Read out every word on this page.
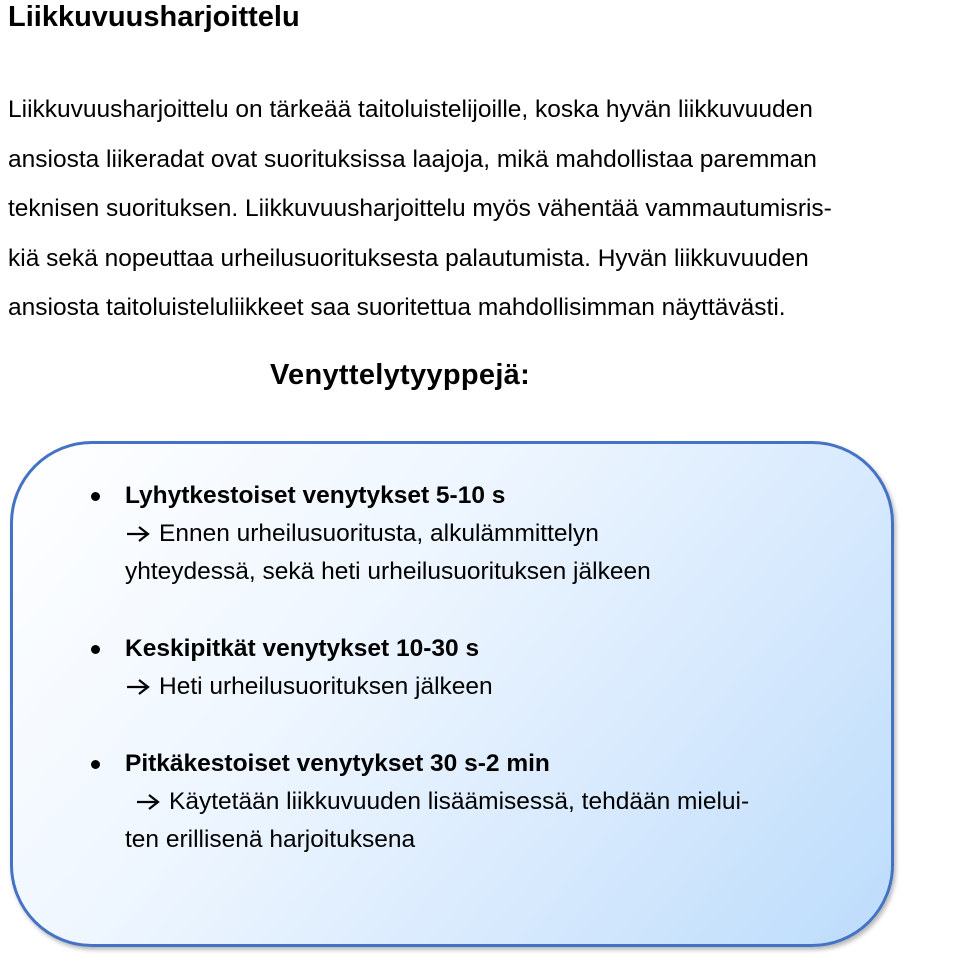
Liikkuvuusharjoittelu
Liikkuvuusharjoittelu on tärkeää taitoluistelijoille, koska hyvän liikkuvuuden
ansiosta liikeradat ovat suorituksissa laajoja, mikä mahdollistaa paremman
teknisen suorituksen. Liikkuvuusharjoittelu myös vähentää vammautumisris-
kiä sekä nopeuttaa urheilusuorituksesta palautumista. Hyvän liikkuvuuden
ansiosta taitoluisteluliikkeet saa suoritettua mahdollisimman näyttävästi.
Venyttelytyyppejä:
Lyhytkestoiset venytykset 5-10 s
Ennen urheilusuoritusta, alkulämmittelyn
yhteydessä, sekä heti urheilusuorituksen jälkeen
Keskipitkät venytykset 10-30 s
Heti urheilusuorituksen jälkeen
Pitkäkestoiset venytykset 30 s-2 min
Käytetään liikkuvuuden lisäämisessä, tehdään mielui-
ten erillisenä harjoituksena
